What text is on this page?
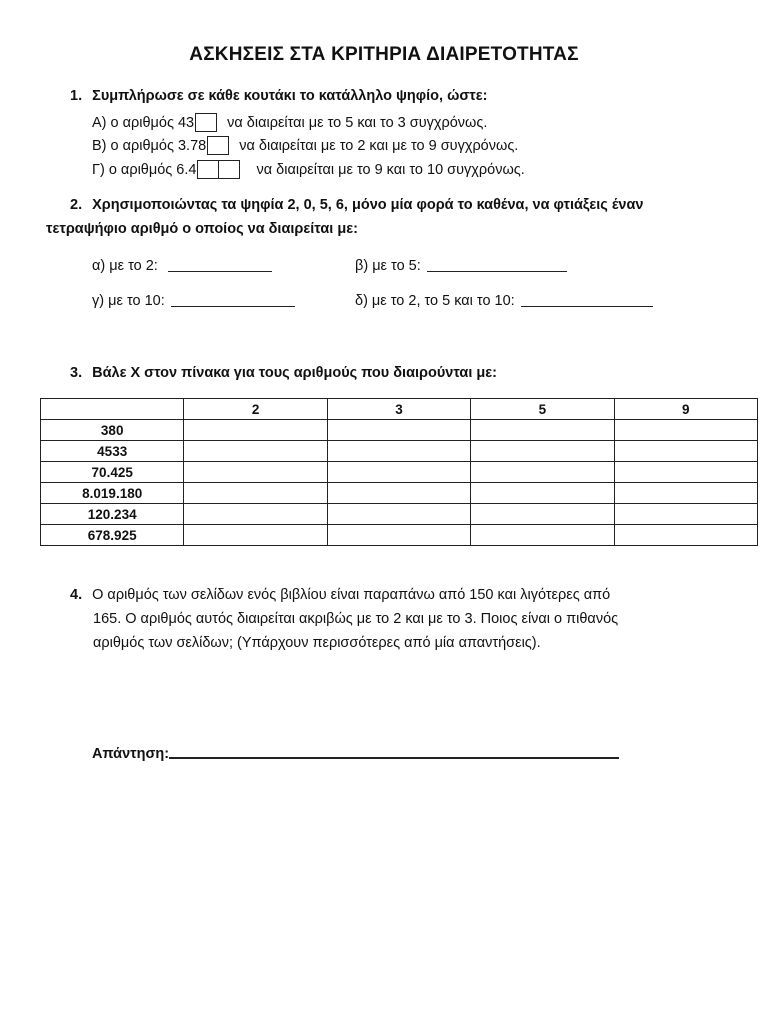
ΑΣΚΗΣΕΙΣ ΣΤΑ ΚΡΙΤΗΡΙΑ ΔΙΑΙΡΕΤΟΤΗΤΑΣ
1. Συμπλήρωσε σε κάθε κουτάκι το κατάλληλο ψηφίο, ώστε:
Α) ο αριθμός 43 να διαιρείται με το 5 και το 3 συγχρόνως.
Β) ο αριθμός 3.78 να διαιρείται με το 2 και με το 9 συγχρόνως.
Γ) ο αριθμός 6.4	να διαιρείται με το 9 και το 10 συγχρόνως.
2. Χρησιμοποιώντας τα ψηφία 2, 0, 5, 6, μόνο μία φορά το καθένα, να φτιάξεις έναν
τετραψήφιο αριθμό ο οποίος να διαιρείται με:
α) με το 2:	β) με το 5:
γ) με το 10:	δ) με το 2, το 5 και το 10:
3. Βάλε Χ στον πίνακα για τους αριθμούς που διαιρούνται με:
	2	3	5	9
380				
4533				
70.425				
8.019.180				
120.234				
678.925				
4. Ο αριθμός των σελίδων ενός βιβλίου είναι παραπάνω από 150 και λιγότερες από
165. Ο αριθμός αυτός διαιρείται ακριβώς με το 2 και με το 3. Ποιος είναι ο πιθανός
αριθμός των σελίδων; (Υπάρχουν περισσότερες από μία απαντήσεις).
Απάντηση:
